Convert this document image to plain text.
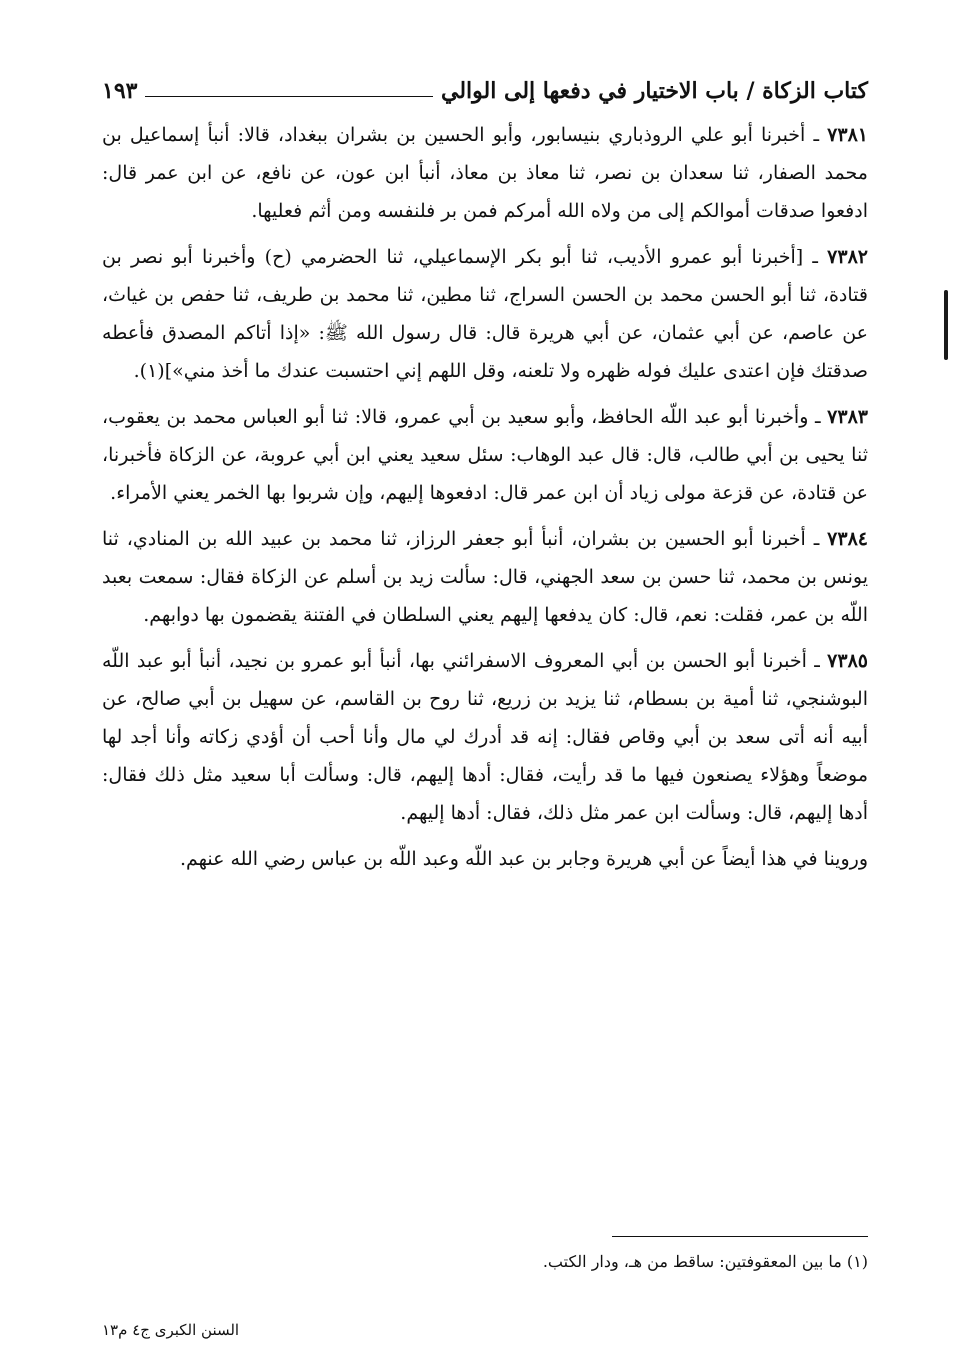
كتاب الزكاة / باب الاختيار في دفعها إلى الوالي
١٩٣

٧٣٨١ ـ أخبرنا أبو علي الروذباري بنيسابور، وأبو الحسين بن بشران ببغداد، قالا: أنبأ إسماعيل بن محمد الصفار، ثنا سعدان بن نصر، ثنا معاذ بن معاذ، أنبأ ابن عون، عن نافع، عن ابن عمر قال: ادفعوا صدقات أموالكم إلى من ولاه الله أمركم فمن بر فلنفسه ومن أثم فعليها.

٧٣٨٢ ـ [أخبرنا أبو عمرو الأديب، ثنا أبو بكر الإسماعيلي، ثنا الحضرمي (ح) وأخبرنا أبو نصر بن قتادة، ثنا أبو الحسن محمد بن الحسن السراج، ثنا مطين، ثنا محمد بن طريف، ثنا حفص بن غياث، عن عاصم، عن أبي عثمان، عن أبي هريرة قال: قال رسول الله ﷺ: «إذا أتاكم المصدق فأعطه صدقتك فإن اعتدى عليك فوله ظهره ولا تلعنه، وقل اللهم إني احتسبت عندك ما أخذ مني»](١).

٧٣٨٣ ـ وأخبرنا أبو عبد اللّه الحافظ، وأبو سعيد بن أبي عمرو، قالا: ثنا أبو العباس محمد بن يعقوب، ثنا يحيى بن أبي طالب، قال: قال عبد الوهاب: سئل سعيد يعني ابن أبي عروبة، عن الزكاة فأخبرنا، عن قتادة، عن قزعة مولى زياد أن ابن عمر قال: ادفعوها إليهم، وإن شربوا بها الخمر يعني الأمراء.

٧٣٨٤ ـ أخبرنا أبو الحسين بن بشران، أنبأ أبو جعفر الرزاز، ثنا محمد بن عبيد الله بن المنادي، ثنا يونس بن محمد، ثنا حسن بن سعد الجهني، قال: سألت زيد بن أسلم عن الزكاة فقال: سمعت بعبد اللّه بن عمر، فقلت: نعم، قال: كان يدفعها إليهم يعني السلطان في الفتنة يقضمون بها دوابهم.

٧٣٨٥ ـ أخبرنا أبو الحسن بن أبي المعروف الاسفرائني بها، أنبأ أبو عمرو بن نجيد، أنبأ أبو عبد اللّه البوشنجي، ثنا أمية بن بسطام، ثنا يزيد بن زريع، ثنا روح بن القاسم، عن سهيل بن أبي صالح، عن أبيه أنه أتى سعد بن أبي وقاص فقال: إنه قد أدرك لي مال وأنا أحب أن أؤدي زكاته وأنا أجد لها موضعاً وهؤلاء يصنعون فيها ما قد رأيت، فقال: أدها إليهم، قال: وسألت أبا سعيد مثل ذلك فقال: أدها إليهم، قال: وسألت ابن عمر مثل ذلك، فقال: أدها إليهم.

وروينا في هذا أيضاً عن أبي هريرة وجابر بن عبد اللّه وعبد اللّه بن عباس رضي الله عنهم.

(١) ما بين المعقوفتين: ساقط من هـ، ودار الكتب.
السنن الكبرى ج٤ م١٣
